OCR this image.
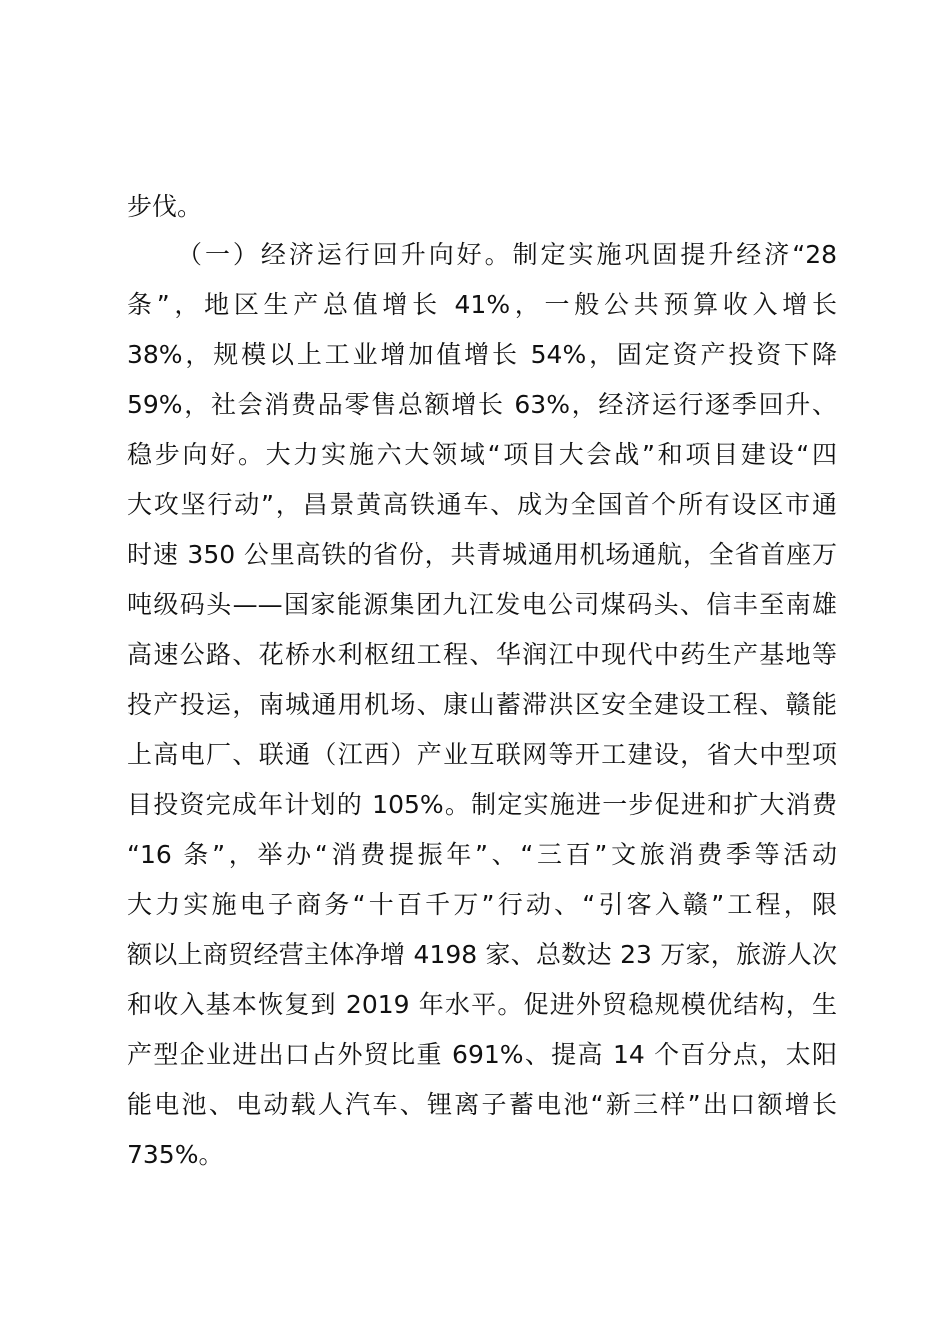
步伐。
（一）经济运行回升向好。制定实施巩固提升经济“28
条”，地区生产总值增长 41%，一般公共预算收入增长
38%，规模以上工业增加值增长 54%，固定资产投资下降
59%，社会消费品零售总额增长 63%，经济运行逐季回升、
稳步向好。大力实施六大领域“项目大会战”和项目建设“四
大攻坚行动”，昌景黄高铁通车、成为全国首个所有设区市通
时速 350 公里高铁的省份，共青城通用机场通航，全省首座万
吨级码头——国家能源集团九江发电公司煤码头、信丰至南雄
高速公路、花桥水利枢纽工程、华润江中现代中药生产基地等
投产投运，南城通用机场、康山蓄滞洪区安全建设工程、赣能
上高电厂、联通（江西）产业互联网等开工建设，省大中型项
目投资完成年计划的 105%。制定实施进一步促进和扩大消费
“16 条”，举办“消费提振年”、“三百”文旅消费季等活动
大力实施电子商务“十百千万”行动、“引客入赣”工程，限
额以上商贸经营主体净增 4198 家、总数达 23 万家，旅游人次
和收入基本恢复到 2019 年水平。促进外贸稳规模优结构，生
产型企业进出口占外贸比重 691%、提高 14 个百分点，太阳
能电池、电动载人汽车、锂离子蓄电池“新三样”出口额增长
735%。
